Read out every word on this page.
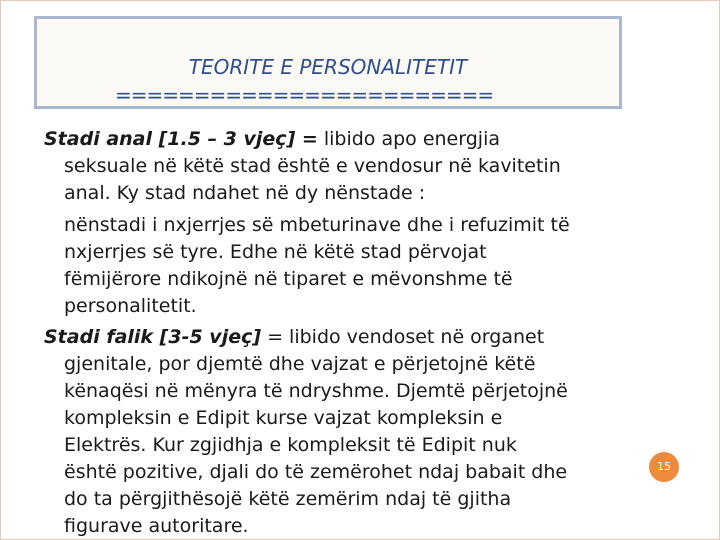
TEORITE E PERSONALITETIT
========================
Stadi anal [1.5 – 3 vjeç] = libido apo energjia
seksuale në këtë stad është e vendosur në kavitetin
anal. Ky stad ndahet në dy nënstade :
nënstadi i nxjerrjes së mbeturinave dhe i refuzimit të
nxjerrjes së tyre. Edhe në këtë stad përvojat
fëmijërore ndikojnë në tiparet e mëvonshme të
personalitetit.
Stadi falik [3-5 vjeç] = libido vendoset në organet
gjenitale, por djemtë dhe vajzat e përjetojnë këtë
kënaqësi në mënyra të ndryshme. Djemtë përjetojnë
kompleksin e Edipit kurse vajzat kompleksin e
Elektrës. Kur zgjidhja e kompleksit të Edipit nuk
është pozitive, djali do të zemërohet ndaj babait dhe
do ta përgjithësojë këtë zemërim ndaj të gjitha
figurave autoritare.
15
